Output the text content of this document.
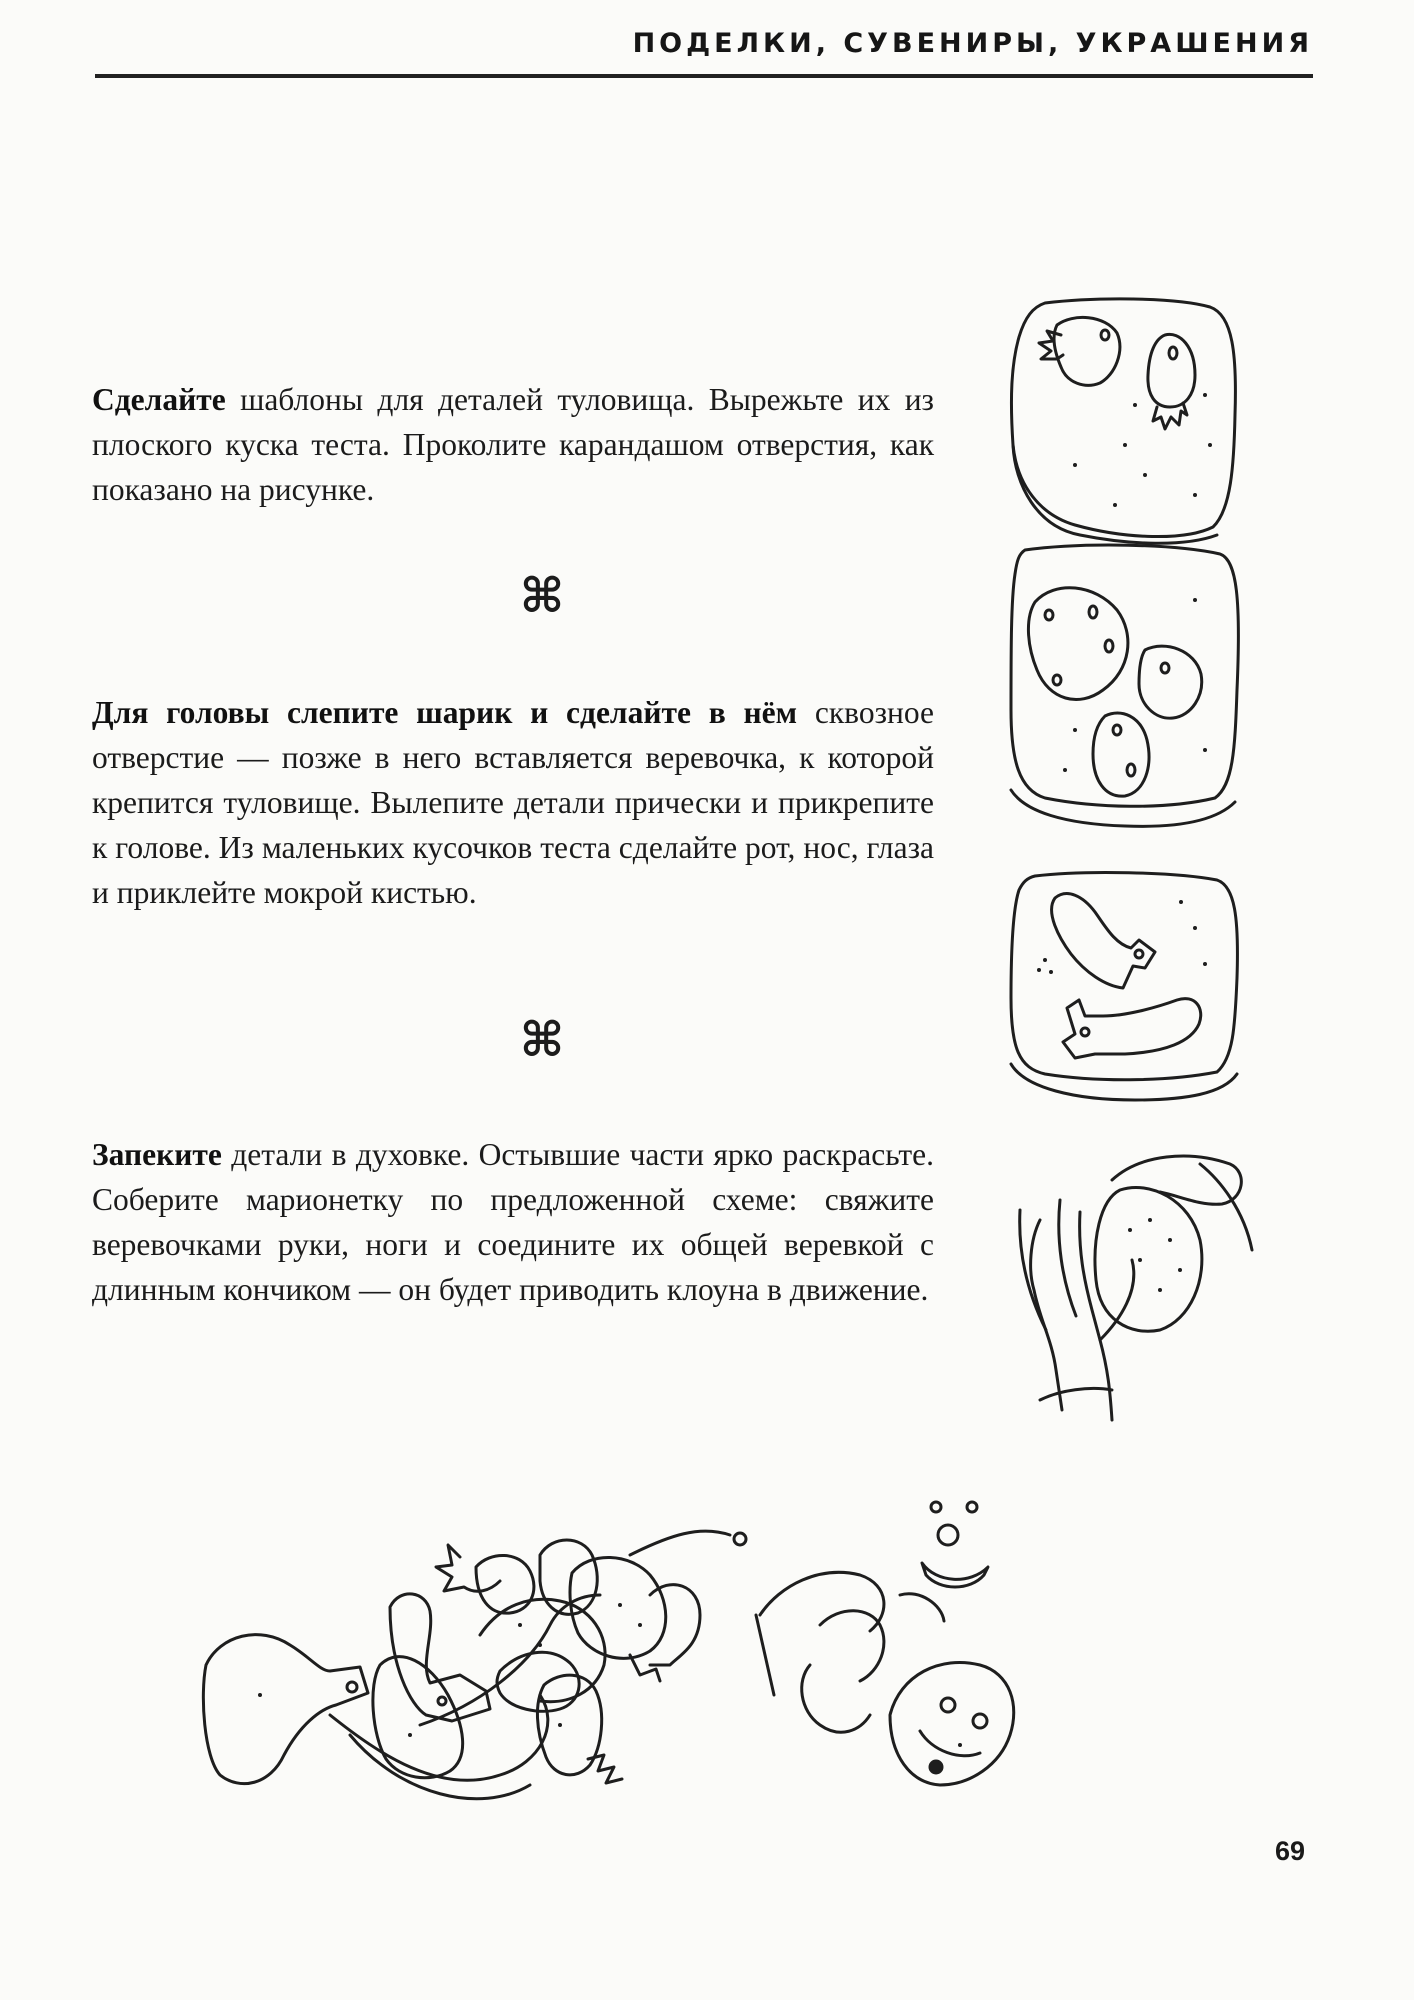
ПОДЕЛКИ, СУВЕНИРЫ, УКРАШЕНИЯ

Сделайте шаблоны для деталей туловища. Вырежьте их из плоского куска теста. Проколите карандашом отверстия, как показано на рисунке.

⌘

Для головы слепите шарик и сделайте в нём сквозное отверстие — позже в него вставляется веревочка, к которой крепится туловище. Вылепите детали прически и прикрепите к голове. Из маленьких кусочков теста сделайте рот, нос, глаза и приклейте мокрой кистью.

⌘

Запеките детали в духовке. Остывшие части ярко раскрасьте. Соберите марионетку по предложенной схеме: свяжите веревочками руки, ноги и соедините их общей веревкой с длинным кончиком — он будет приводить клоуна в движение.

69
